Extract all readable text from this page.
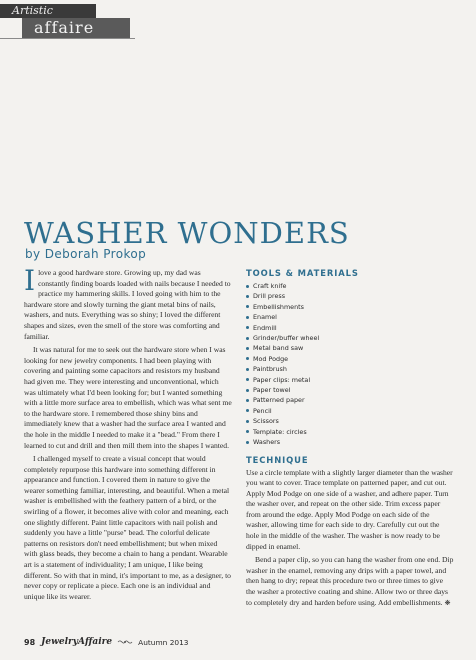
Artistic
affaire
WASHER WONDERS
by Deborah Prokop

Ilove a good hardware store. Growing up, my dad was constantly finding boards loaded with nails because I needed to practice my hammering skills. I loved going with him to the hardware store and slowly turning the giant metal bins of nails, washers, and nuts. Everything was so shiny; I loved the different shapes and sizes, even the smell of the store was comforting and familiar.

It was natural for me to seek out the hardware store when I was looking for new jewelry components. I had been playing with covering and painting some capacitors and resistors my husband had given me. They were interesting and unconventional, which was ultimately what I'd been looking for; but I wanted something with a little more surface area to embellish, which was what sent me to the hardware store. I remembered those shiny bins and immediately knew that a washer had the surface area I wanted and the hole in the middle I needed to make it a "bead." From there I learned to cut and drill and then mill them into the shapes I wanted.

I challenged myself to create a visual concept that would completely repurpose this hardware into something different in appearance and function. I covered them in nature to give the wearer something familiar, interesting, and beautiful. When a metal washer is embellished with the feathery pattern of a bird, or the swirling of a flower, it becomes alive with color and meaning, each one slightly different. Paint little capacitors with nail polish and suddenly you have a little "purse" bead. The colorful delicate patterns on resistors don't need embellishment; but when mixed with glass beads, they become a chain to hang a pendant. Wearable art is a statement of individuality; I am unique, I like being different. So with that in mind, it's important to me, as a designer, to never copy or replicate a piece. Each one is an individual and unique like its wearer.

TOOLS & MATERIALS
Craft knife
Drill press
Embellishments
Enamel
Endmill
Grinder/buffer wheel
Metal band saw
Mod Podge
Paintbrush
Paper clips: metal
Paper towel
Patterned paper
Pencil
Scissors
Template: circles
Washers
TECHNIQUE

Use a circle template with a slightly larger diameter than the washer you want to cover. Trace template on patterned paper, and cut out. Apply Mod Podge on one side of a washer, and adhere paper. Turn the washer over, and repeat on the other side. Trim excess paper from around the edge. Apply Mod Podge on each side of the washer, allowing time for each side to dry. Carefully cut out the hole in the middle of the washer. The washer is now ready to be dipped in enamel.

Bend a paper clip, so you can hang the washer from one end. Dip washer in the enamel, removing any drips with a paper towel, and then hang to dry; repeat this procedure two or three times to give the washer a protective coating and shine. Allow two or three days to completely dry and harden before using. Add embellishments. ❋

98 JewelryAffaire	Autumn 2013
